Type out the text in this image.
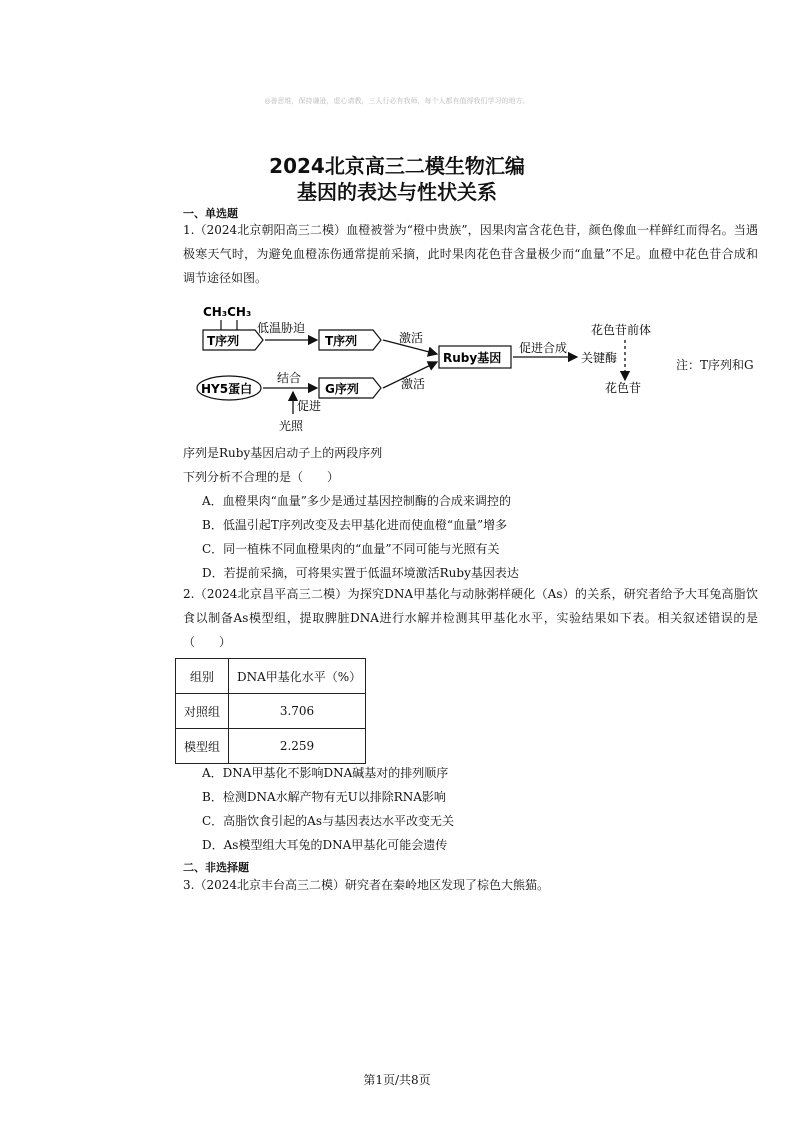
◎善思维，保持谦逊，虚心请教，三人行必有我师，每个人都有值得我们学习的地方。
2024北京高三二模生物汇编
基因的表达与性状关系
一、单选题
1.（2024北京朝阳高三二模）血橙被誉为“橙中贵族”，因果肉富含花色苷，颜色像血一样鲜红而得名。当遇极寒天气时，为避免血橙冻伤通常提前采摘，此时果肉花色苷含量极少而“血量”不足。血橙中花色苷合成和调节途径如图。
CH₃CH₃
T序列
低温胁迫
T序列	激活
Ruby基因
促进合成
关键酶
花色苷前体
花色苷
HY5蛋白
结合
G序列	激活
促进
光照
注：T序列和G
序列是Ruby基因启动子上的两段序列
下列分析不合理的是（　　）
A．血橙果肉“血量”多少是通过基因控制酶的合成来调控的
B．低温引起T序列改变及去甲基化进而使血橙“血量”增多
C．同一植株不同血橙果肉的“血量”不同可能与光照有关
D．若提前采摘，可将果实置于低温环境激活Ruby基因表达
2.（2024北京昌平高三二模）为探究DNA甲基化与动脉粥样硬化（As）的关系，研究者给予大耳兔高脂饮食以制备As模型组，提取脾脏DNA进行水解并检测其甲基化水平，实验结果如下表。相关叙述错误的是（　　）
组别	DNA甲基化水平（%）
对照组	3.706
模型组	2.259
A．DNA甲基化不影响DNA碱基对的排列顺序
B．检测DNA水解产物有无U以排除RNA影响
C．高脂饮食引起的As与基因表达水平改变无关
D．As模型组大耳兔的DNA甲基化可能会遗传
二、非选择题
3.（2024北京丰台高三二模）研究者在秦岭地区发现了棕色大熊猫。
第1页/共8页
